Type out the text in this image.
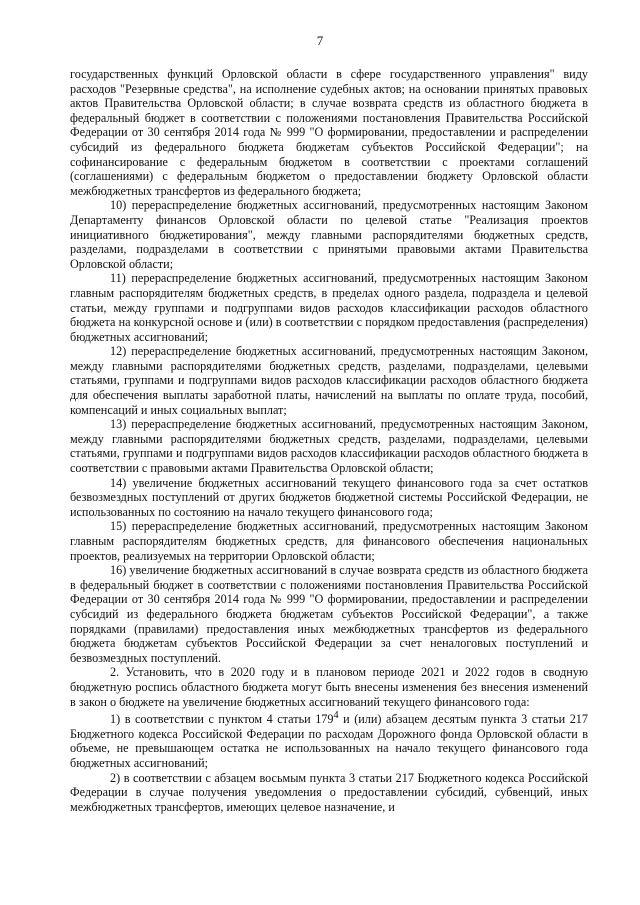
7

государственных функций Орловской области в сфере государственного управления" виду расходов "Резервные средства", на исполнение судебных актов; на основании принятых правовых актов Правительства Орловской области; в случае возврата средств из областного бюджета в федеральный бюджет в соответствии с положениями постановления Правительства Российской Федерации от 30 сентября 2014 года № 999 "О формировании, предоставлении и распределении субсидий из федерального бюджета бюджетам субъектов Российской Федерации"; на софинансирование с федеральным бюджетом в соответствии с проектами соглашений (соглашениями) с федеральным бюджетом о предоставлении бюджету Орловской области межбюджетных трансфертов из федерального бюджета;

10) перераспределение бюджетных ассигнований, предусмотренных настоящим Законом Департаменту финансов Орловской области по целевой статье "Реализация проектов инициативного бюджетирования", между главными распорядителями бюджетных средств, разделами, подразделами в соответствии с принятыми правовыми актами Правительства Орловской области;

11) перераспределение бюджетных ассигнований, предусмотренных настоящим Законом главным распорядителям бюджетных средств, в пределах одного раздела, подраздела и целевой статьи, между группами и подгруппами видов расходов классификации расходов областного бюджета на конкурсной основе и (или) в соответствии с порядком предоставления (распределения) бюджетных ассигнований;

12) перераспределение бюджетных ассигнований, предусмотренных настоящим Законом, между главными распорядителями бюджетных средств, разделами, подразделами, целевыми статьями, группами и подгруппами видов расходов классификации расходов областного бюджета для обеспечения выплаты заработной платы, начислений на выплаты по оплате труда, пособий, компенсаций и иных социальных выплат;

13) перераспределение бюджетных ассигнований, предусмотренных настоящим Законом, между главными распорядителями бюджетных средств, разделами, подразделами, целевыми статьями, группами и подгруппами видов расходов классификации расходов областного бюджета в соответствии с правовыми актами Правительства Орловской области;

14) увеличение бюджетных ассигнований текущего финансового года за счет остатков безвозмездных поступлений от других бюджетов бюджетной системы Российской Федерации, не использованных по состоянию на начало текущего финансового года;

15) перераспределение бюджетных ассигнований, предусмотренных настоящим Законом главным распорядителям бюджетных средств, для финансового обеспечения национальных проектов, реализуемых на территории Орловской области;

16) увеличение бюджетных ассигнований в случае возврата средств из областного бюджета в федеральный бюджет в соответствии с положениями постановления Правительства Российской Федерации от 30 сентября 2014 года № 999 "О формировании, предоставлении и распределении субсидий из федерального бюджета бюджетам субъектов Российской Федерации", а также порядками (правилами) предоставления иных межбюджетных трансфертов из федерального бюджета бюджетам субъектов Российской Федерации за счет неналоговых поступлений и безвозмездных поступлений.

2. Установить, что в 2020 году и в плановом периоде 2021 и 2022 годов в сводную бюджетную роспись областного бюджета могут быть внесены изменения без внесения изменений в закон о бюджете на увеличение бюджетных ассигнований текущего финансового года:

1) в соответствии с пунктом 4 статьи $179^4$ и (или) абзацем десятым пункта 3 статьи 217 Бюджетного кодекса Российской Федерации по расходам Дорожного фонда Орловской области в объеме, не превышающем остатка не использованных на начало текущего финансового года бюджетных ассигнований;

2) в соответствии с абзацем восьмым пункта 3 статьи 217 Бюджетного кодекса Российской Федерации в случае получения уведомления о предоставлении субсидий, субвенций, иных межбюджетных трансфертов, имеющих целевое назначение, и
